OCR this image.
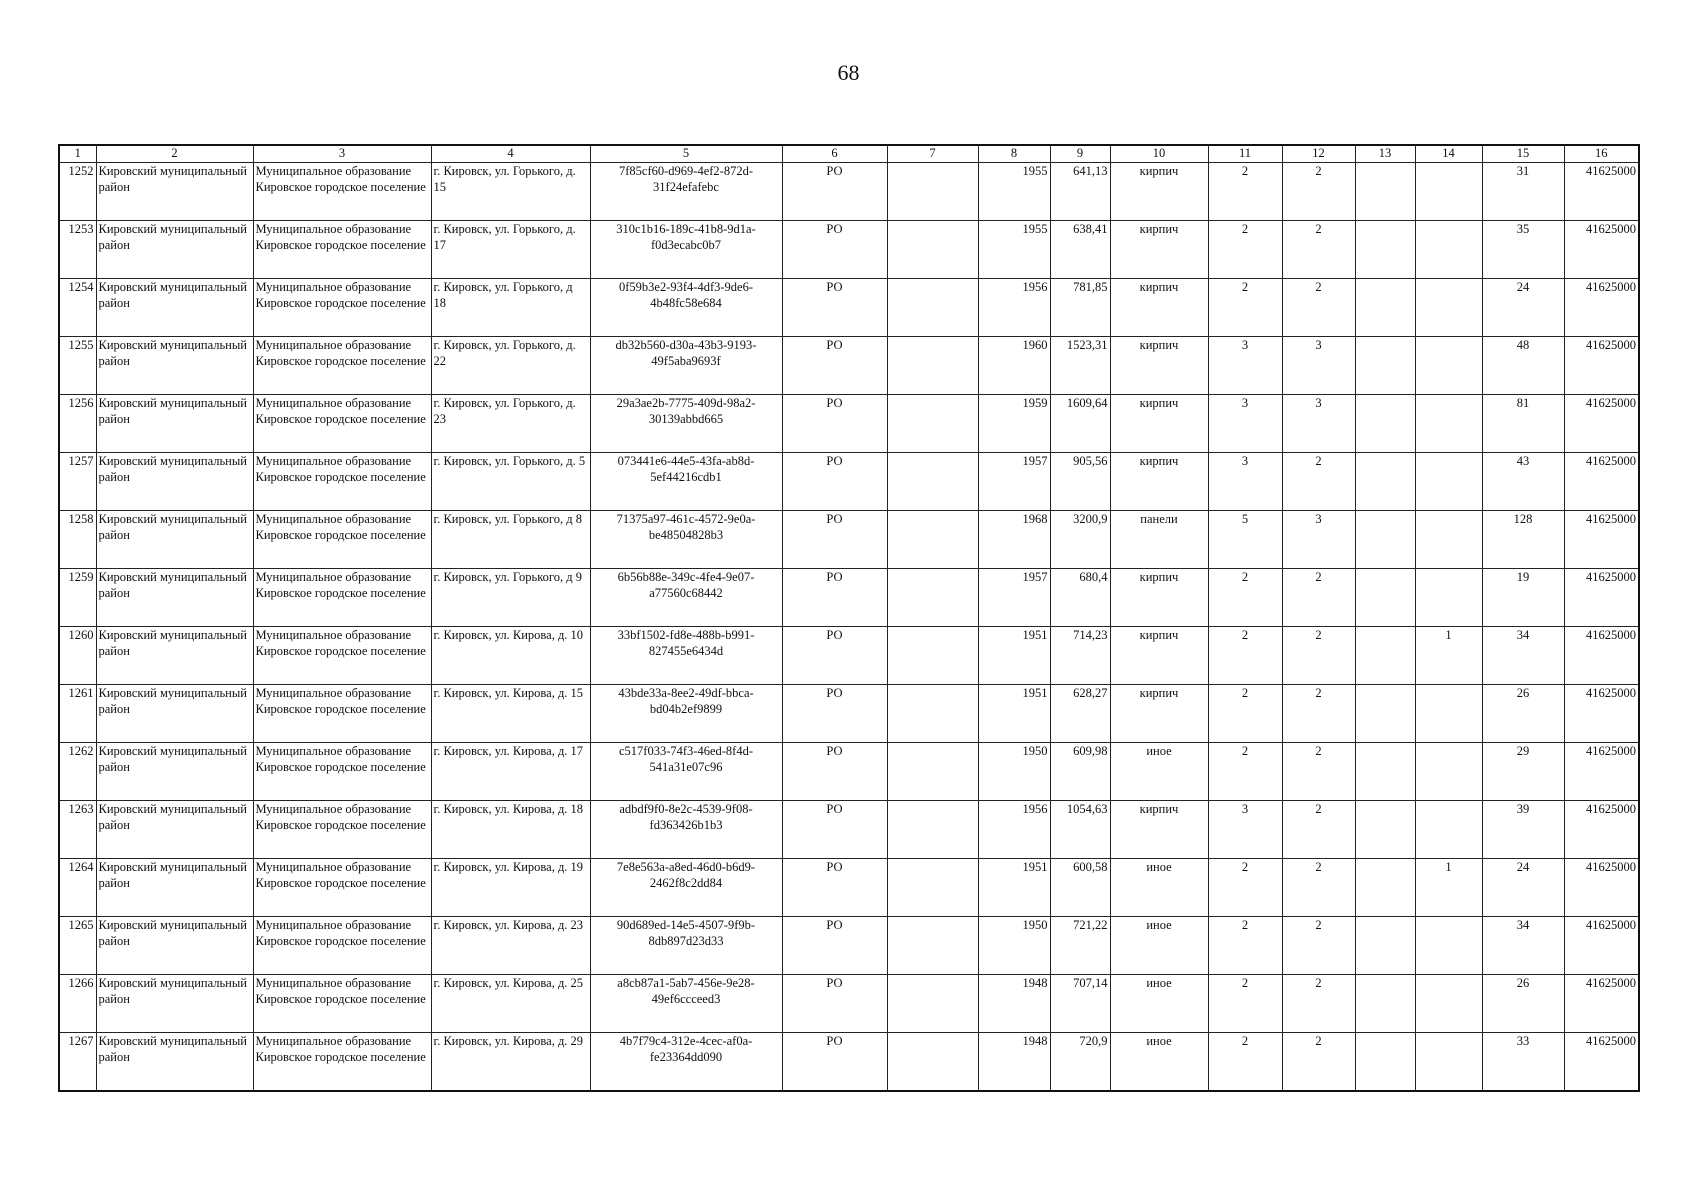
68
1	2	3	4	5	6	7	8	9	10	11	12	13	14	15	16
1252	Кировский муниципальный район	Муниципальное образование Кировское городское поселение	г. Кировск, ул. Горького, д. 15	7f85cf60-d969-4ef2-872d-31f24efafebc	РО		1955	641,13	кирпич	2	2			31	41625000
1253	Кировский муниципальный район	Муниципальное образование Кировское городское поселение	г. Кировск, ул. Горького, д. 17	310c1b16-189c-41b8-9d1a-f0d3ecabc0b7	РО		1955	638,41	кирпич	2	2			35	41625000
1254	Кировский муниципальный район	Муниципальное образование Кировское городское поселение	г. Кировск, ул. Горького, д 18	0f59b3e2-93f4-4df3-9de6-4b48fc58e684	РО		1956	781,85	кирпич	2	2			24	41625000
1255	Кировский муниципальный район	Муниципальное образование Кировское городское поселение	г. Кировск, ул. Горького, д. 22	db32b560-d30a-43b3-9193-49f5aba9693f	РО		1960	1523,31	кирпич	3	3			48	41625000
1256	Кировский муниципальный район	Муниципальное образование Кировское городское поселение	г. Кировск, ул. Горького, д. 23	29a3ae2b-7775-409d-98a2-30139abbd665	РО		1959	1609,64	кирпич	3	3			81	41625000
1257	Кировский муниципальный район	Муниципальное образование Кировское городское поселение	г. Кировск, ул. Горького, д. 5	073441e6-44e5-43fa-ab8d-5ef44216cdb1	РО		1957	905,56	кирпич	3	2			43	41625000
1258	Кировский муниципальный район	Муниципальное образование Кировское городское поселение	г. Кировск, ул. Горького, д 8	71375a97-461c-4572-9e0a-be48504828b3	РО		1968	3200,9	панели	5	3			128	41625000
1259	Кировский муниципальный район	Муниципальное образование Кировское городское поселение	г. Кировск, ул. Горького, д 9	6b56b88e-349c-4fe4-9e07-a77560c68442	РО		1957	680,4	кирпич	2	2			19	41625000
1260	Кировский муниципальный район	Муниципальное образование Кировское городское поселение	г. Кировск, ул. Кирова, д. 10	33bf1502-fd8e-488b-b991-827455e6434d	РО		1951	714,23	кирпич	2	2		1	34	41625000
1261	Кировский муниципальный район	Муниципальное образование Кировское городское поселение	г. Кировск, ул. Кирова, д. 15	43bde33a-8ee2-49df-bbca-bd04b2ef9899	РО		1951	628,27	кирпич	2	2			26	41625000
1262	Кировский муниципальный район	Муниципальное образование Кировское городское поселение	г. Кировск, ул. Кирова, д. 17	c517f033-74f3-46ed-8f4d-541a31e07c96	РО		1950	609,98	иное	2	2			29	41625000
1263	Кировский муниципальный район	Муниципальное образование Кировское городское поселение	г. Кировск, ул. Кирова, д. 18	adbdf9f0-8e2c-4539-9f08-fd363426b1b3	РО		1956	1054,63	кирпич	3	2			39	41625000
1264	Кировский муниципальный район	Муниципальное образование Кировское городское поселение	г. Кировск, ул. Кирова, д. 19	7e8e563a-a8ed-46d0-b6d9-2462f8c2dd84	РО		1951	600,58	иное	2	2		1	24	41625000
1265	Кировский муниципальный район	Муниципальное образование Кировское городское поселение	г. Кировск, ул. Кирова, д. 23	90d689ed-14e5-4507-9f9b-8db897d23d33	РО		1950	721,22	иное	2	2			34	41625000
1266	Кировский муниципальный район	Муниципальное образование Кировское городское поселение	г. Кировск, ул. Кирова, д. 25	a8cb87a1-5ab7-456e-9e28-49ef6ccceed3	РО		1948	707,14	иное	2	2			26	41625000
1267	Кировский муниципальный район	Муниципальное образование Кировское городское поселение	г. Кировск, ул. Кирова, д. 29	4b7f79c4-312e-4cec-af0a-fe23364dd090	РО		1948	720,9	иное	2	2			33	41625000
